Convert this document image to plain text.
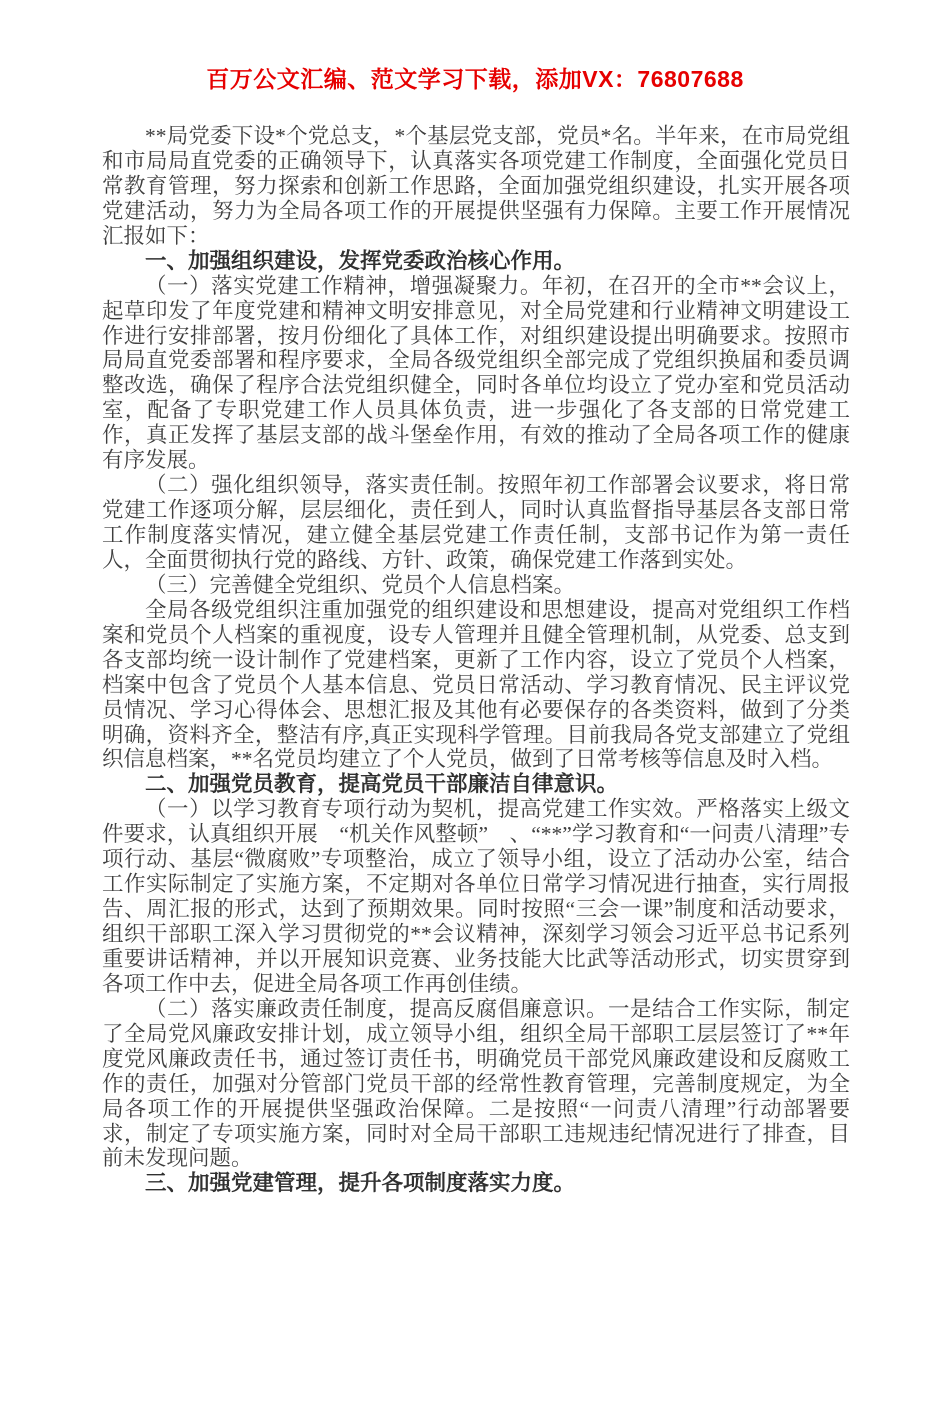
百万公文汇编、范文学习下载，添加VX：76807688

**局党委下设*个党总支，*个基层党支部，党员*名。半年来，在市局党组和市局局直党委的正确领导下，认真落实各项党建工作制度，全面强化党员日常教育管理，努力探索和创新工作思路，全面加强党组织建设，扎实开展各项党建活动，努力为全局各项工作的开展提供坚强有力保障。主要工作开展情况汇报如下：

一、加强组织建设，发挥党委政治核心作用。

（一）落实党建工作精神，增强凝聚力。年初，在召开的全市**会议上，起草印发了年度党建和精神文明安排意见，对全局党建和行业精神文明建设工作进行安排部署，按月份细化了具体工作，对组织建设提出明确要求。按照市局局直党委部署和程序要求，全局各级党组织全部完成了党组织换届和委员调整改选，确保了程序合法党组织健全，同时各单位均设立了党办室和党员活动室，配备了专职党建工作人员具体负责，进一步强化了各支部的日常党建工作，真正发挥了基层支部的战斗堡垒作用，有效的推动了全局各项工作的健康有序发展。

（二）强化组织领导，落实责任制。按照年初工作部署会议要求，将日常党建工作逐项分解，层层细化，责任到人，同时认真监督指导基层各支部日常工作制度落实情况，建立健全基层党建工作责任制，支部书记作为第一责任人，全面贯彻执行党的路线、方针、政策，确保党建工作落到实处。

（三）完善健全党组织、党员个人信息档案。

全局各级党组织注重加强党的组织建设和思想建设，提高对党组织工作档案和党员个人档案的重视度，设专人管理并且健全管理机制，从党委、总支到各支部均统一设计制作了党建档案，更新了工作内容，设立了党员个人档案，档案中包含了党员个人基本信息、党员日常活动、学习教育情况、民主评议党员情况、学习心得体会、思想汇报及其他有必要保存的各类资料，做到了分类明确，资料齐全，整洁有序,真正实现科学管理。目前我局各党支部建立了党组织信息档案，**名党员均建立了个人党员，做到了日常考核等信息及时入档。

二、加强党员教育，提高党员干部廉洁自律意识。

（一）以学习教育专项行动为契机，提高党建工作实效。严格落实上级文件要求，认真组织开展　“机关作风整顿”　、“**”学习教育和“一问责八清理”专项行动、基层“微腐败”专项整治，成立了领导小组，设立了活动办公室，结合工作实际制定了实施方案，不定期对各单位日常学习情况进行抽查，实行周报告、周汇报的形式，达到了预期效果。同时按照“三会一课”制度和活动要求，组织干部职工深入学习贯彻党的**会议精神，深刻学习领会习近平总书记系列重要讲话精神，并以开展知识竞赛、业务技能大比武等活动形式，切实贯穿到各项工作中去，促进全局各项工作再创佳绩。

（二）落实廉政责任制度，提高反腐倡廉意识。一是结合工作实际，制定了全局党风廉政安排计划，成立领导小组，组织全局干部职工层层签订了**年度党风廉政责任书，通过签订责任书，明确党员干部党风廉政建设和反腐败工作的责任，加强对分管部门党员干部的经常性教育管理，完善制度规定，为全局各项工作的开展提供坚强政治保障。二是按照“一问责八清理”行动部署要求，制定了专项实施方案，同时对全局干部职工违规违纪情况进行了排查，目前未发现问题。

三、加强党建管理，提升各项制度落实力度。
